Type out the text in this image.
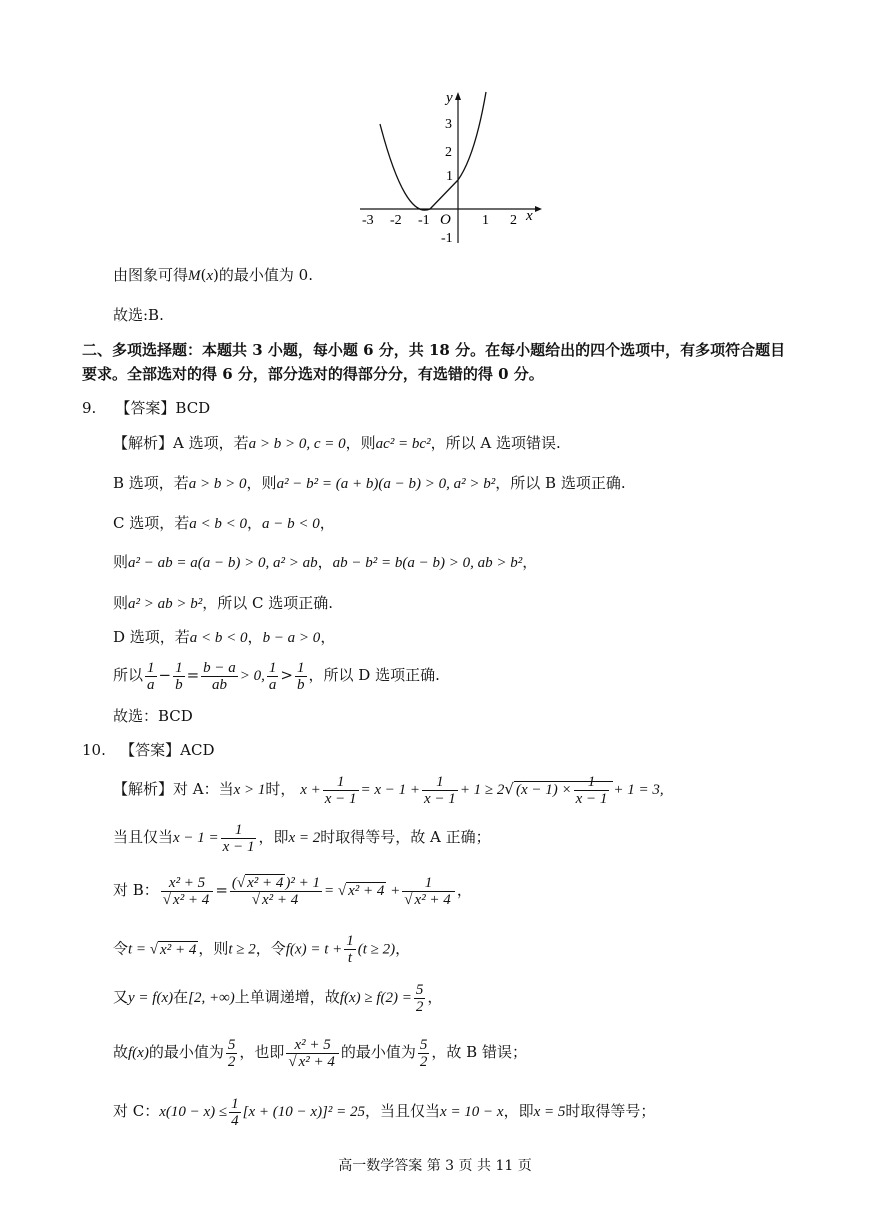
y
x
O
-3 -2 -1	1 2
3
2
1
-1
由图象可得M(x)的最小值为 0.
故选:B.
二、多项选择题：本题共 3 小题，每小题 6 分，共 18 分。在每小题给出的四个选项中，有多项符合题目
要求。全部选对的得 6 分，部分选对的得部分分，有选错的得 0 分。
9. 【答案】BCD
【解析】A 选项，若a > b > 0, c = 0，则ac² = bc²，所以 A 选项错误.
B 选项，若a > b > 0，则a² − b² = (a + b)(a − b) > 0, a² > b²，所以 B 选项正确.
C 选项，若a < b < 0，a − b < 0，
则a² − ab = a(a − b) > 0, a² > ab，ab − b² = b(a − b) > 0, ab > b²，
则a² > ab > b²，所以 C 选项正确.
D 选项，若a < b < 0，b − a > 0，
所以 $\frac{1}{a} - \frac{1}{b} = \frac{b - a}{ab} > 0$, $\frac{1}{a} > \frac{1}{b}$ ，所以 D 选项正确.
故选：BCD
10. 【答案】ACD
【解析】对 A：当x > 1时， $x + \frac{1}{x - 1} = x - 1 + \frac{1}{x - 1} + 1 \ge 2√$ $(x - 1) \times \frac{1}{x - 1} + 1 = 3$,
当且仅当$x - 1 = \frac{1}{x - 1}$ ，即x = 2时取得等号，故 A 正确；
对 B： $\frac{\text{x² + 5}}{\text{√ x² + 4}} = \frac{\text{(√ x² + 4 )² + 1}}{\text{√ x² + 4}}$ = √ $x^2 + 4 + \frac{1}{\text{√ x² + 4}}$ ，
令t = √ x² + 4 ，则t ≥ 2，令$f(x) = t + \frac{1}{t} (t \ge 2)$，
又y = f(x)在[2, +∞)上单调递增，故$f(x) \ge f(2) = \frac{5}{2}$ ，
故f(x)的最小值为 $\frac{5}{2}$ ，也即 $\frac{\text{x² + 5}}{\text{√ x² + 4}}$ 的最小值为 $\frac{5}{2}$ ，故 B 错误；
对 C：$x(10 - x) \le \frac{1}{4} [x + (10 - x)]^2 = 25$，当且仅当x = 10 − x，即x = 5时取得等号；
高一数学答案 第 3 页 共 11 页
